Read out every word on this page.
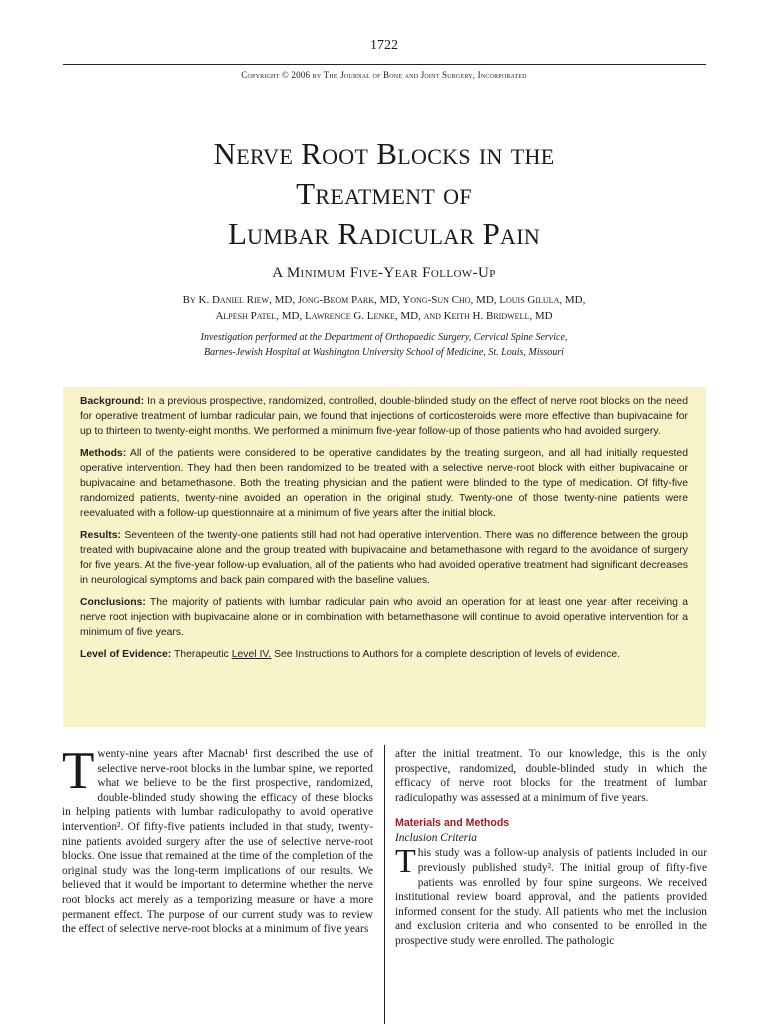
1722
Copyright © 2006 by The Journal of Bone and Joint Surgery, Incorporated
Nerve Root Blocks in the
Treatment of
Lumbar Radicular Pain
A Minimum Five-Year Follow-Up
By K. Daniel Riew, MD, Jong-Beom Park, MD, Yong-Sun Cho, MD, Louis Gilula, MD,
Alpesh Patel, MD, Lawrence G. Lenke, MD, and Keith H. Bridwell, MD
Investigation performed at the Department of Orthopaedic Surgery, Cervical Spine Service,
Barnes-Jewish Hospital at Washington University School of Medicine, St. Louis, Missouri

Background: In a previous prospective, randomized, controlled, double-blinded study on the effect of nerve root blocks on the need for operative treatment of lumbar radicular pain, we found that injections of corticosteroids were more effective than bupivacaine for up to thirteen to twenty-eight months. We performed a minimum five-year follow-up of those patients who had avoided surgery.

Methods: All of the patients were considered to be operative candidates by the treating surgeon, and all had initially requested operative intervention. They had then been randomized to be treated with a selective nerve-root block with either bupivacaine or bupivacaine and betamethasone. Both the treating physician and the patient were blinded to the type of medication. Of fifty-five randomized patients, twenty-nine avoided an operation in the original study. Twenty-one of those twenty-nine patients were reevaluated with a follow-up questionnaire at a minimum of five years after the initial block.

Results: Seventeen of the twenty-one patients still had not had operative intervention. There was no difference between the group treated with bupivacaine alone and the group treated with bupivacaine and betamethasone with regard to the avoidance of surgery for five years. At the five-year follow-up evaluation, all of the patients who had avoided operative treatment had significant decreases in neurological symptoms and back pain compared with the baseline values.

Conclusions: The majority of patients with lumbar radicular pain who avoid an operation for at least one year after receiving a nerve root injection with bupivacaine alone or in combination with betamethasone will continue to avoid operative intervention for a minimum of five years.

Level of Evidence: Therapeutic Level IV. See Instructions to Authors for a complete description of levels of evidence.

Twenty-nine years after Macnab¹ first described the use of selective nerve-root blocks in the lumbar spine, we reported what we believe to be the first prospective, randomized, double-blinded study showing the efficacy of these blocks in helping patients with lumbar radiculopathy to avoid operative intervention². Of fifty-five patients included in that study, twenty-nine patients avoided surgery after the use of selective nerve-root blocks. One issue that remained at the time of the completion of the original study was the long-term implications of our results. We believed that it would be important to determine whether the nerve root blocks act merely as a temporizing measure or have a more permanent effect. The purpose of our current study was to review the effect of selective nerve-root blocks at a minimum of five years

after the initial treatment. To our knowledge, this is the only prospective, randomized, double-blinded study in which the efficacy of nerve root blocks for the treatment of lumbar radiculopathy was assessed at a minimum of five years.

Materials and Methods
Inclusion Criteria

This study was a follow-up analysis of patients included in our previously published study². The initial group of fifty-five patients was enrolled by four spine surgeons. We received institutional review board approval, and the patients provided informed consent for the study. All patients who met the inclusion and exclusion criteria and who consented to be enrolled in the prospective study were enrolled. The pathologic
